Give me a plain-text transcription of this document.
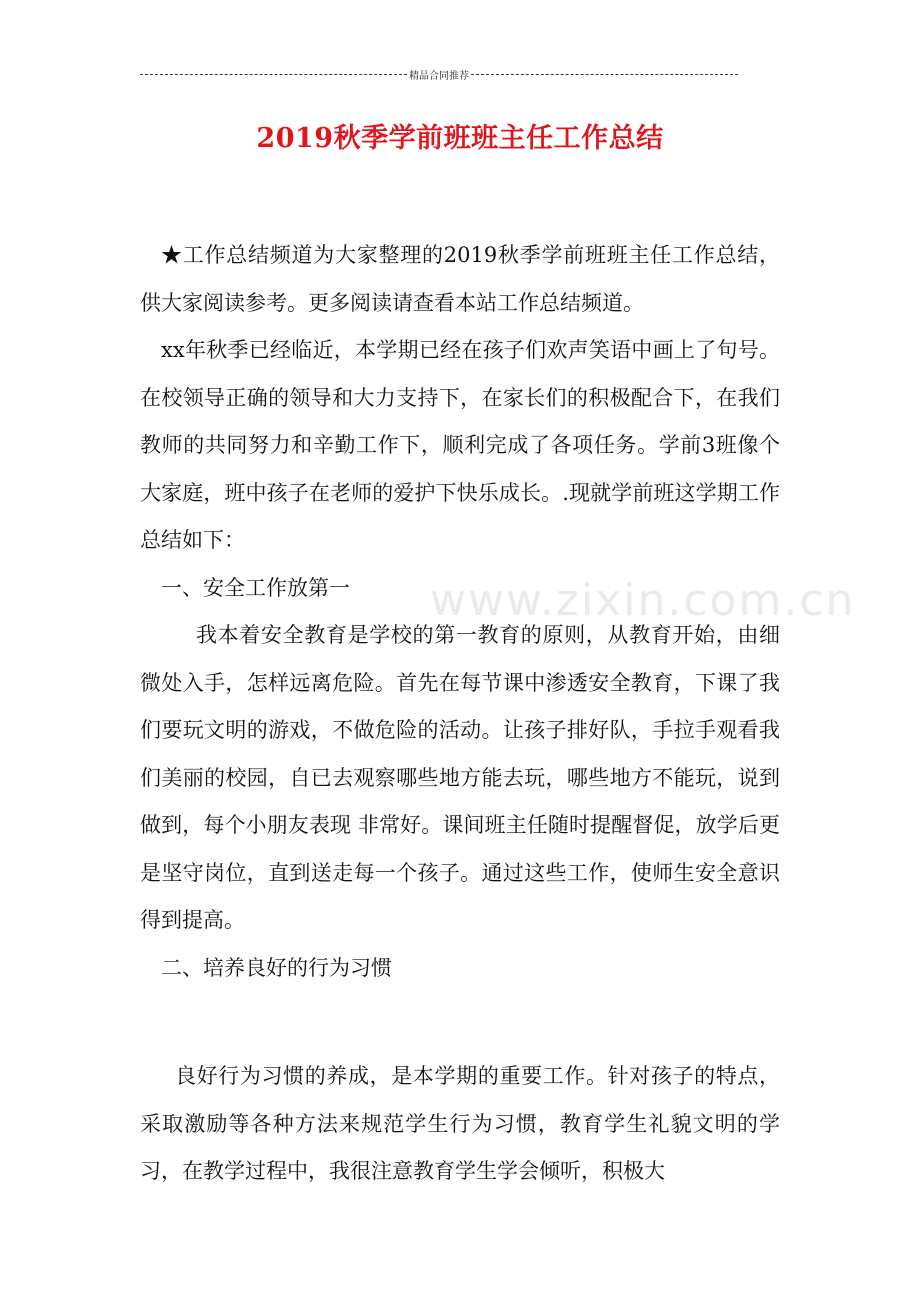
精品合同推荐
2019秋季学前班班主任工作总结
www.zixin.com.cn

★工作总结频道为大家整理的2019秋季学前班班主任工作总结，供大家阅读参考。更多阅读请查看本站工作总结频道。

xx年秋季已经临近，本学期已经在孩子们欢声笑语中画上了句号。在校领导正确的领导和大力支持下，在家长们的积极配合下，在我们教师的共同努力和辛勤工作下，顺利完成了各项任务。学前3班像个大家庭，班中孩子在老师的爱护下快乐成长。.现就学前班这学期工作总结如下：

一、安全工作放第一

我本着安全教育是学校的第一教育的原则，从教育开始，由细微处入手，怎样远离危险。首先在每节课中渗透安全教育，下课了我们要玩文明的游戏，不做危险的活动。让孩子排好队，手拉手观看我们美丽的校园，自已去观察哪些地方能去玩，哪些地方不能玩，说到做到，每个小朋友表现 非常好。课间班主任随时提醒督促，放学后更是坚守岗位，直到送走每一个孩子。通过这些工作，使师生安全意识得到提高。

二、培养良好的行为习惯

良好行为习惯的养成，是本学期的重要工作。针对孩子的特点，采取激励等各种方法来规范学生行为习惯，教育学生礼貌文明的学习，在教学过程中，我很注意教育学生学会倾听，积极大
